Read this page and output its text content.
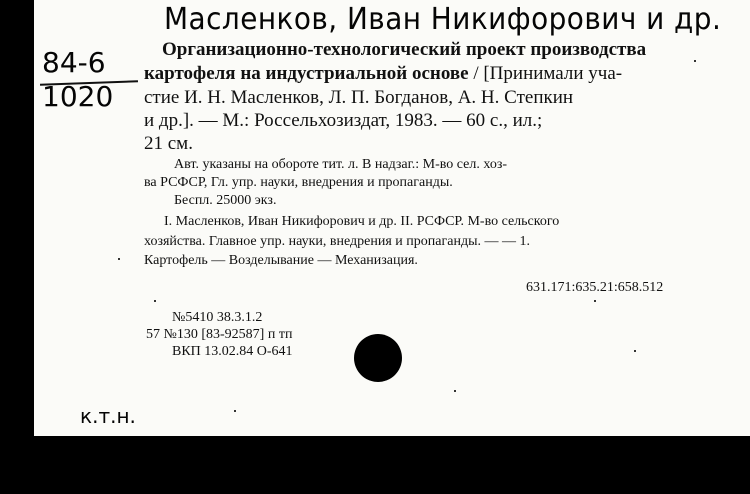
Масленков, Иван Никифорович и др.
84-6
1020
Организационно-технологический проект производства
картофеля на индустриальной основе / [Принимали уча-
стие И. Н. Масленков, Л. П. Богданов, А. Н. Степкин
и др.]. — М.: Россельхозиздат, 1983. — 60 с., ил.;
21 см.
Авт. указаны на обороте тит. л. В надзаг.: М-во сел. хоз-
ва РСФСР, Гл. упр. науки, внедрения и пропаганды.
Беспл. 25000 экз.
I. Масленков, Иван Никифорович и др. II. РСФСР. М-во сельского
хозяйства. Главное упр. науки, внедрения и пропаганды. — — 1.
Картофель — Возделывание — Механизация.
631.171:635.21:658.512
№5410 38.3.1.2
57 №130 [83-92587] п тп
ВКП 13.02.84 О-641
к.т.н.
